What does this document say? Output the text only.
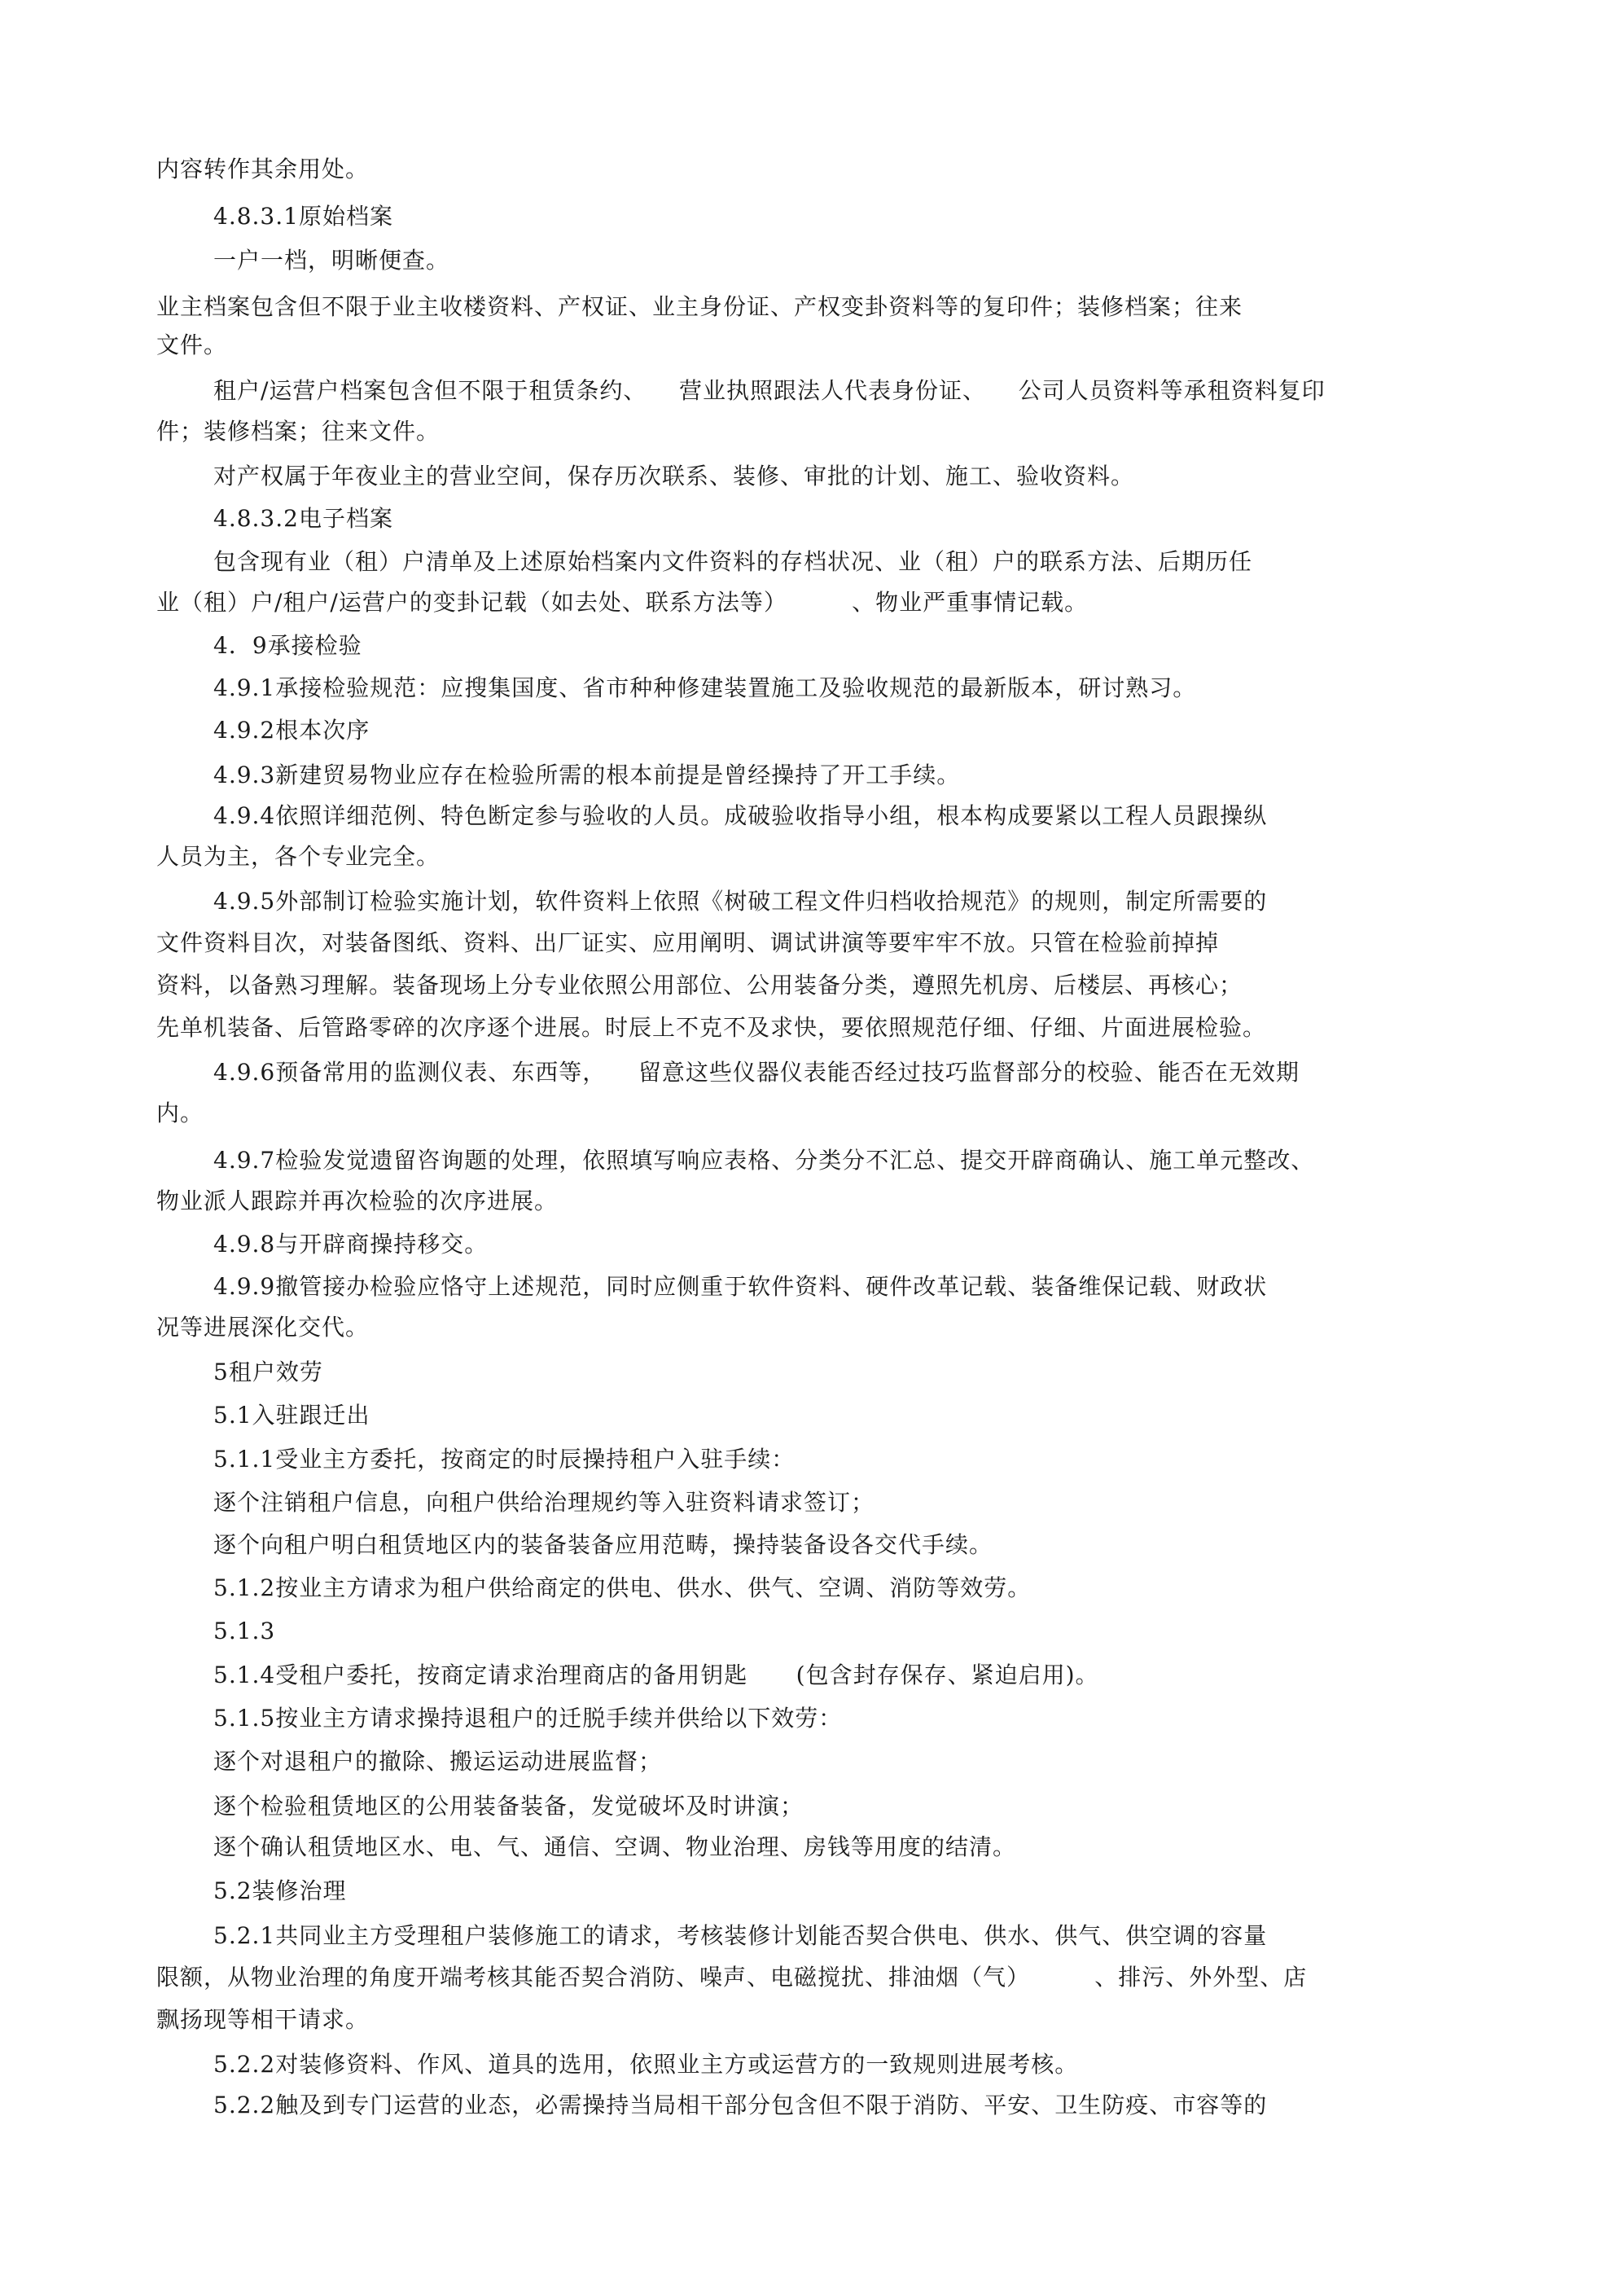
内容转作其余用处。
4.8.3.1原始档案
一户一档，明晰便查。
业主档案包含但不限于业主收楼资料、产权证、业主身份证、产权变卦资料等的复印件；装修档案；往来
文件。
租户/运营户档案包含但不限于租赁条约、    营业执照跟法人代表身份证、    公司人员资料等承租资料复印
件；装修档案；往来文件。
对产权属于年夜业主的营业空间，保存历次联系、装修、审批的计划、施工、验收资料。
4.8.3.2电子档案
包含现有业（租）户清单及上述原始档案内文件资料的存档状况、业（租）户的联系方法、后期历任
业（租）户/租户/运营户的变卦记载（如去处、联系方法等）        、物业严重事情记载。
4．9承接检验
4.9.1承接检验规范：应搜集国度、省市种种修建装置施工及验收规范的最新版本，研讨熟习。
4.9.2根本次序
4.9.3新建贸易物业应存在检验所需的根本前提是曾经操持了开工手续。
4.9.4依照详细范例、特色断定参与验收的人员。成破验收指导小组，根本构成要紧以工程人员跟操纵
人员为主，各个专业完全。
4.9.5外部制订检验实施计划，软件资料上依照《树破工程文件归档收拾规范》的规则，制定所需要的
文件资料目次，对装备图纸、资料、出厂证实、应用阐明、调试讲演等要牢牢不放。只管在检验前掉掉
资料，以备熟习理解。装备现场上分专业依照公用部位、公用装备分类，遵照先机房、后楼层、再核心；
先单机装备、后管路零碎的次序逐个进展。时辰上不克不及求快，要依照规范仔细、仔细、片面进展检验。
4.9.6预备常用的监测仪表、东西等，    留意这些仪器仪表能否经过技巧监督部分的校验、能否在无效期
内。
4.9.7检验发觉遗留咨询题的处理，依照填写响应表格、分类分不汇总、提交开辟商确认、施工单元整改、
物业派人跟踪并再次检验的次序进展。
4.9.8与开辟商操持移交。
4.9.9撤管接办检验应恪守上述规范，同时应侧重于软件资料、硬件改革记载、装备维保记载、财政状
况等进展深化交代。
5租户效劳
5.1入驻跟迁出
5.1.1受业主方委托，按商定的时辰操持租户入驻手续：
逐个注销租户信息，向租户供给治理规约等入驻资料请求签订；
逐个向租户明白租赁地区内的装备装备应用范畴，操持装备设各交代手续。
5.1.2按业主方请求为租户供给商定的供电、供水、供气、空调、消防等效劳。
5.1.3
5.1.4受租户委托，按商定请求治理商店的备用钥匙      (包含封存保存、紧迫启用)。
5.1.5按业主方请求操持退租户的迁脱手续并供给以下效劳：
逐个对退租户的撤除、搬运运动进展监督；
逐个检验租赁地区的公用装备装备，发觉破坏及时讲演；
逐个确认租赁地区水、电、气、通信、空调、物业治理、房钱等用度的结清。
5.2装修治理
5.2.1共同业主方受理租户装修施工的请求，考核装修计划能否契合供电、供水、供气、供空调的容量
限额，从物业治理的角度开端考核其能否契合消防、噪声、电磁搅扰、排油烟（气）        、排污、外外型、店
飘扬现等相干请求。
5.2.2对装修资料、作风、道具的选用，依照业主方或运营方的一致规则进展考核。
5.2.2触及到专门运营的业态，必需操持当局相干部分包含但不限于消防、平安、卫生防疫、市容等的
